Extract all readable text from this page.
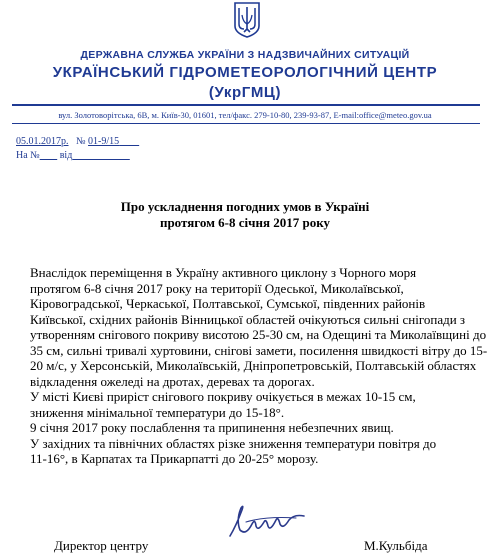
ДЕРЖАВНА СЛУЖБА УКРАЇНИ З НАДЗВИЧАЙНИХ СИТУАЦІЙ
УКРАЇНСЬКИЙ ГІДРОМЕТЕОРОЛОГІЧНИЙ ЦЕНТР
(УкрГМЦ)
вул. Золотоворітська, 6В, м. Київ-30, 01601, тел/факс. 279-10-80, 239-93-87, E-mail:office@meteo.gov.ua
05.01.2017р. № 01-9/15
На № від
Про ускладнення погодних умов в Україні
протягом 6-8 січня 2017 року
Внаслідок переміщення в Україну активного циклону з Чорного моря
протягом 6-8 січня 2017 року на території Одеської, Миколаївської,
Кіровоградської, Черкаської, Полтавської, Сумської, південних районів
Київської, східних районів Вінницької областей очікуються сильні снігопади з
утворенням снігового покриву висотою 25-30 см, на Одещині та Миколаївщині до
35 см, сильні тривалі хуртовини, снігові замети, посилення швидкості вітру до 15-
20 м/с, у Херсонській, Миколаївській, Дніпропетровській, Полтавській областях
відкладення ожеледі на дротах, деревах та дорогах.
У місті Києві приріст снігового покриву очікується в межах 10-15 см,
зниження мінімальної температури до 15-18°.
9 січня 2017 року послаблення та припинення небезпечних явищ.
У західних та північних областях різке зниження температури повітря до
11-16°, в Карпатах та Прикарпатті до 20-25° морозу.
Директор центру	М.Кульбіда
